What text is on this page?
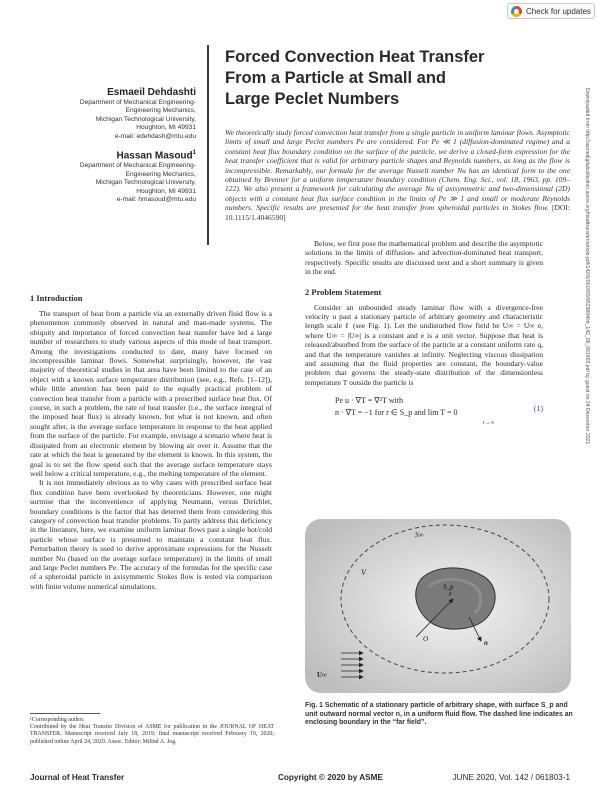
Check for updates
Downloaded from http://asmedigitalcollection.asme.org/heattransfer/article-pdf/142/6/061803/6529804/ht_142_06_061803.pdf by guest on 24 December 2021
Esmaeil Dehdashti
Department of Mechanical Engineering-
Engineering Mechanics,
Michigan Technological University,
Houghton, MI 49931
e-mail: edehdash@mtu.edu
Hassan Masoud$^1$
Department of Mechanical Engineering-
Engineering Mechanics,
Michigan Technological University,
Houghton, MI 49931
e-mail: hmasoud@mtu.edu
Forced Convection Heat Transfer
From a Particle at Small and
Large Peclet Numbers
We theoretically study forced convection heat transfer from a single particle in uniform laminar flows. Asymptotic limits of small and large Peclet numbers Pe are considered. For Pe ≪ 1 (diffusion-dominated regime) and a constant heat flux boundary condition on the surface of the particle, we derive a closed-form expression for the heat transfer coefficient that is valid for arbitrary particle shapes and Reynolds numbers, as long as the flow is incompressible. Remarkably, our formula for the average Nusselt number Nu has an identical form to the one obtained by Brenner for a uniform temperature boundary condition (Chem. Eng. Sci., vol. 18, 1963, pp. 109–122). We also present a framework for calculating the average Nu of axisymmetric and two-dimensional (2D) objects with a constant heat flux surface condition in the limits of Pe ≫ 1 and small or moderate Reynolds numbers. Specific results are presented for the heat transfer from spheroidal particles in Stokes flow. [DOI: 10.1115/1.4046590]
1 Introduction

The transport of heat from a particle via an externally driven fluid flow is a phenomenon commonly observed in natural and man-made systems. The ubiquity and importance of forced convection heat transfer have led a large number of researchers to study various aspects of this mode of heat transport. Among the investigations conducted to date, many have focused on incompressible laminar flows. Somewhat surprisingly, however, the vast majority of theoretical studies in that area have been limited to the case of an object with a known surface temperature distribution (see, e.g., Refs. [1–12]), while little attention has been paid to the equally practical problem of convection heat transfer from a particle with a prescribed surface heat flux. Of course, in such a problem, the rate of heat transfer (i.e., the surface integral of the imposed heat flux) is already known, but what is not known, and often sought after, is the average surface temperature in response to the heat applied from the surface of the particle. For example, envisage a scenario where heat is dissipated from an electronic element by blowing air over it. Assume that the rate at which the heat is generated by the element is known. In this system, the goal is to set the flow speed such that the average surface temperature stays well below a critical temperature, e.g., the melting temperature of the element.

It is not immediately obvious as to why cases with prescribed surface heat flux condition have been overlooked by theoreticians. However, one might surmise that the inconvenience of applying Neumann, versus Dirichlet, boundary conditions is the factor that has deterred them from considering this category of convection heat transfer problems. To partly address this deficiency in the literature, here, we examine uniform laminar flows past a single hot/cold particle whose surface is presumed to maintain a constant heat flux. Perturbation theory is used to derive approximate expressions for the Nusselt number Nu (based on the average surface temperature) in the limits of small and large Peclet numbers Pe. The accuracy of the formulas for the specific case of a spheroidal particle in axisymmetric Stokes flow is tested via comparison with finite volume numerical simulations.

Below, we first pose the mathematical problem and describe the asymptotic solutions in the limits of diffusion- and advection-dominated heat transport, respectively. Specific results are discussed next and a short summary is given in the end.

2 Problem Statement

Consider an unbounded steady laminar flow with a divergence-free velocity u past a stationary particle of arbitrary geometry and characteristic length scale ℓ (see Fig. 1). Let the undisturbed flow field be U∞ = U∞ e, where U∞ = |U∞| is a constant and e is a unit vector. Suppose that heat is released/absorbed from the surface of the particle at a constant uniform rate q, and that the temperature vanishes at infinity. Neglecting viscous dissipation and assuming that the fluid properties are constant, the boundary-value problem that governs the steady-state distribution of the dimensionless temperature T outside the particle is

Pe u · ∇T = ∇²T with
n · ∇T = −1 for r ∈ S_p and lim T = 0
r→∞
(1)
S∞
V
S_p
O
r
n
U∞
Fig. 1 Schematic of a stationary particle of arbitrary shape, with surface S_p and unit outward normal vector n, in a uniform fluid flow. The dashed line indicates an enclosing boundary in the “far field”.
¹Corresponding author.
Contributed by the Heat Transfer Division of ASME for publication in the JOURNAL OF HEAT TRANSFER. Manuscript received July 18, 2019; final manuscript received February 19, 2020; published online April 24, 2020. Assoc. Editor: Milind A. Jog.
Journal of Heat Transfer	Copyright © 2020 by ASME	JUNE 2020, Vol. 142 / 061803-1
